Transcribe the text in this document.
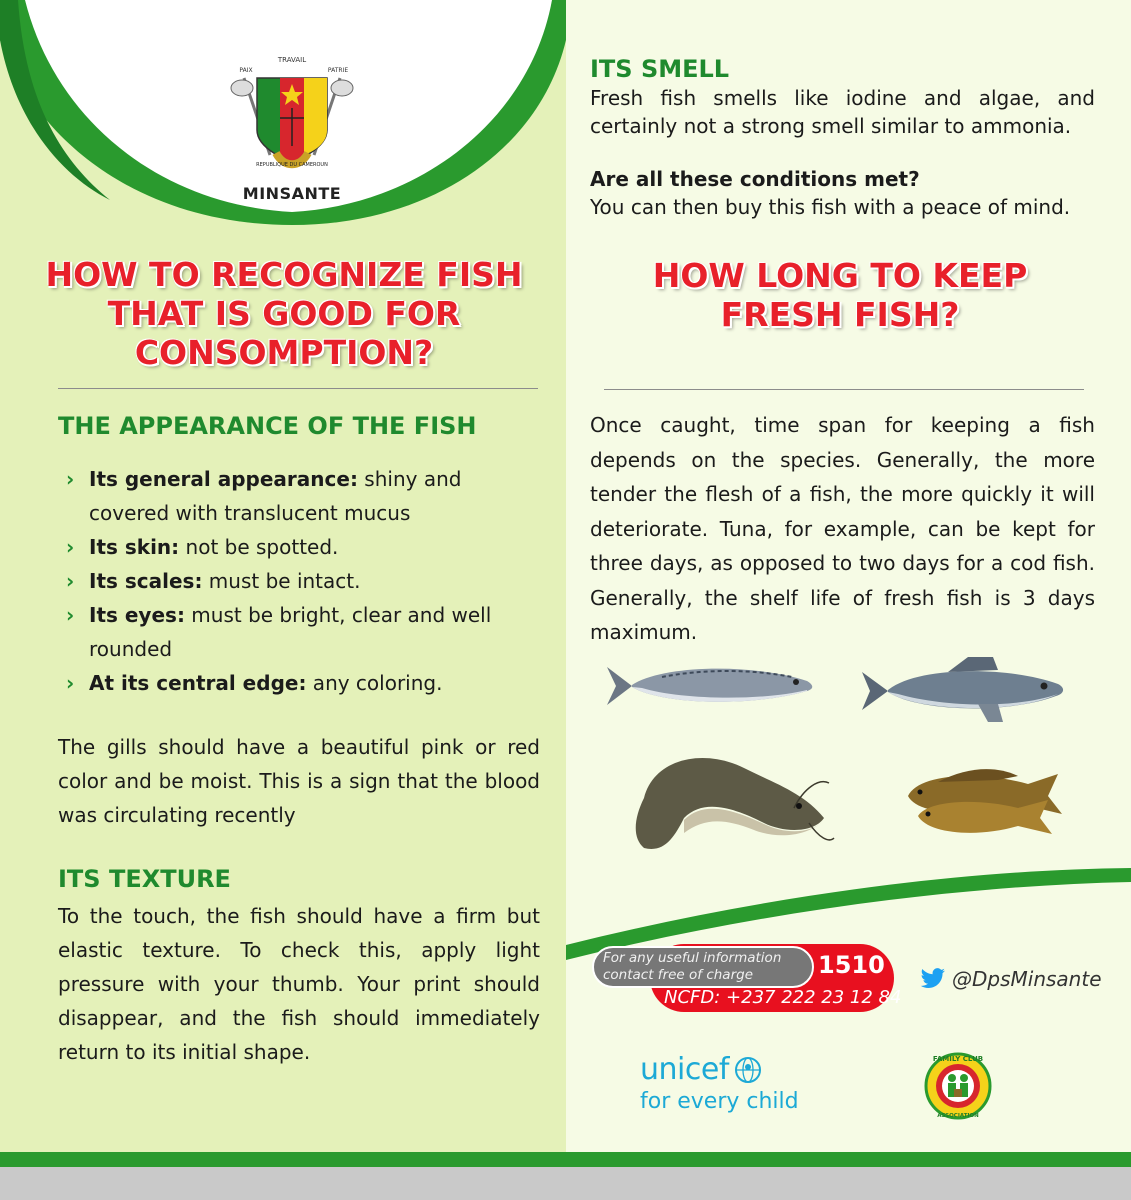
TRAVAIL
PAIX	PATRIE
REPUBLIQUE DU CAMEROUN
MINSANTE
HOW TO RECOGNIZE FISH THAT IS GOOD FOR CONSOMPTION?
THE APPEARANCE OF THE FISH
› Its general appearance: shiny and covered with translucent mucus
› Its skin: not be spotted.
› Its scales: must be intact.
› Its eyes: must be bright, clear and well rounded
› At its central edge: any coloring.
The gills should have a beautiful pink or red color and be moist. This is a sign that the blood was circulating recently
ITS TEXTURE
To the touch, the fish should have a firm but elastic texture. To check this, apply light pressure with your thumb. Your print should disappear, and the fish should immediately return to its initial shape.
ITS SMELL
Fresh fish smells like iodine and algae, and certainly not a strong smell similar to ammonia.
Are all these conditions met?
You can then buy this fish with a peace of mind.
HOW LONG TO KEEP FRESH FISH?
Once caught, time span for keeping a fish depends on the species. Generally, the more tender the flesh of a fish, the more quickly it will deteriorate. Tuna, for example, can be kept for three days, as opposed to two days for a cod fish. Generally, the shelf life of fresh fish is 3 days maximum.
For any useful information
contact free of charge	1510
NCFD: +237 222 23 12 84
@DpsMinsante
unicef
for every child
FAMILY CLUB
ASSOCIATION
